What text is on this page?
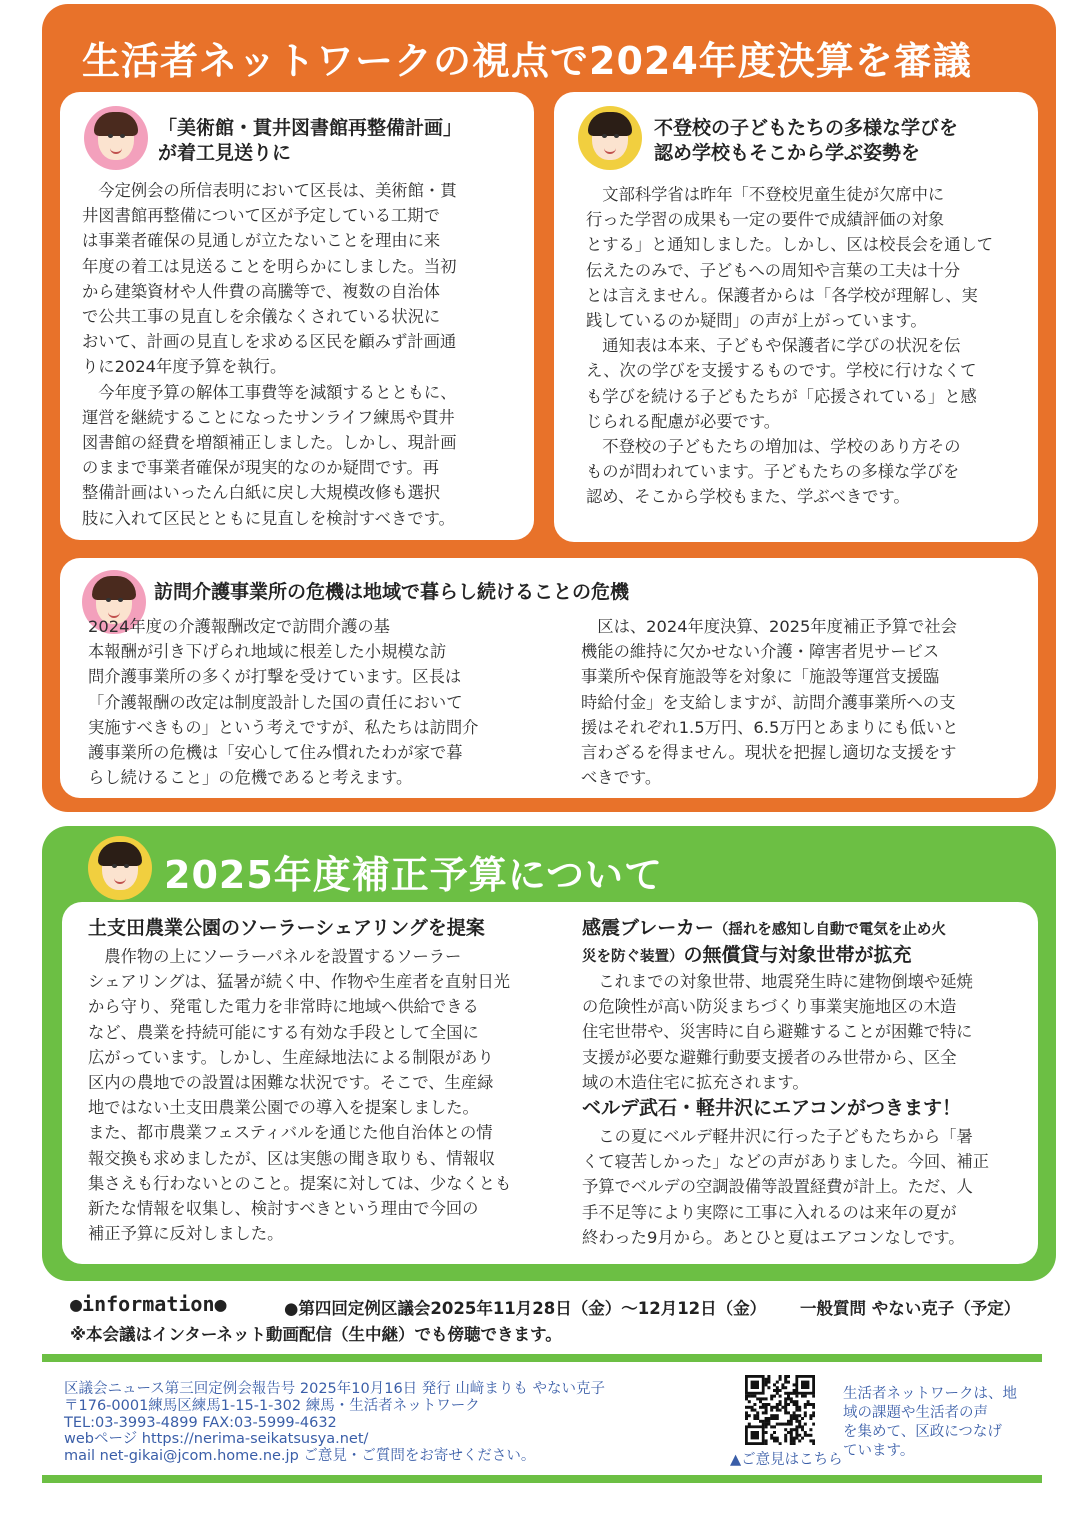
生活者ネットワークの視点で2024年度決算を審議
「美術館・貫井図書館再整備計画」
が着工見送りに
　今定例会の所信表明において区長は、美術館・貫
井図書館再整備について区が予定している工期で
は事業者確保の見通しが立たないことを理由に来
年度の着工は見送ることを明らかにしました。当初
から建築資材や人件費の高騰等で、複数の自治体
で公共工事の見直しを余儀なくされている状況に
おいて、計画の見直しを求める区民を顧みず計画通
りに2024年度予算を執行。
　今年度予算の解体工事費等を減額するとともに、
運営を継続することになったサンライフ練馬や貫井
図書館の経費を増額補正しました。しかし、現計画
のままで事業者確保が現実的なのか疑問です。再
整備計画はいったん白紙に戻し大規模改修も選択
肢に入れて区民とともに見直しを検討すべきです。
不登校の子どもたちの多様な学びを
認め学校もそこから学ぶ姿勢を
　文部科学省は昨年「不登校児童生徒が欠席中に
行った学習の成果も一定の要件で成績評価の対象
とする」と通知しました。しかし、区は校長会を通して
伝えたのみで、子どもへの周知や言葉の工夫は十分
とは言えません。保護者からは「各学校が理解し、実
践しているのか疑問」の声が上がっています。
　通知表は本来、子どもや保護者に学びの状況を伝
え、次の学びを支援するものです。学校に行けなくて
も学びを続ける子どもたちが「応援されている」と感
じられる配慮が必要です。
　不登校の子どもたちの増加は、学校のあり方その
ものが問われています。子どもたちの多様な学びを
認め、そこから学校もまた、学ぶべきです。
訪問介護事業所の危機は地域で暮らし続けることの危機
2024年度の介護報酬改定で訪問介護の基
本報酬が引き下げられ地域に根差した小規模な訪
問介護事業所の多くが打撃を受けています。区長は
「介護報酬の改定は制度設計した国の責任において
実施すべきもの」という考えですが、私たちは訪問介
護事業所の危機は「安心して住み慣れたわが家で暮
らし続けること」の危機であると考えます。
　区は、2024年度決算、2025年度補正予算で社会
機能の維持に欠かせない介護・障害者児サービス
事業所や保育施設等を対象に「施設等運営支援臨
時給付金」を支給しますが、訪問介護事業所への支
援はそれぞれ1.5万円、6.5万円とあまりにも低いと
言わざるを得ません。現状を把握し適切な支援をす
べきです。
2025年度補正予算について
土支田農業公園のソーラーシェアリングを提案
　農作物の上にソーラーパネルを設置するソーラー
シェアリングは、猛暑が続く中、作物や生産者を直射日光
から守り、発電した電力を非常時に地域へ供給できる
など、農業を持続可能にする有効な手段として全国に
広がっています。しかし、生産緑地法による制限があり
区内の農地での設置は困難な状況です。そこで、生産緑
地ではない土支田農業公園での導入を提案しました。
また、都市農業フェスティバルを通じた他自治体との情
報交換も求めましたが、区は実態の聞き取りも、情報収
集さえも行わないとのこと。提案に対しては、少なくとも
新たな情報を収集し、検討すべきという理由で今回の
補正予算に反対しました。
感震ブレーカー（揺れを感知し自動で電気を止め火
災を防ぐ装置）の無償貸与対象世帯が拡充
　これまでの対象世帯、地震発生時に建物倒壊や延焼
の危険性が高い防災まちづくり事業実施地区の木造
住宅世帯や、災害時に自ら避難することが困難で特に
支援が必要な避難行動要支援者のみ世帯から、区全
域の木造住宅に拡充されます。
ベルデ武石・軽井沢にエアコンがつきます！
　この夏にベルデ軽井沢に行った子どもたちから「暑
くて寝苦しかった」などの声がありました。今回、補正
予算でベルデの空調設備等設置経費が計上。ただ、人
手不足等により実際に工事に入れるのは来年の夏が
終わった9月から。あとひと夏はエアコンなしです。
●information●	●第四回定例区議会2025年11月28日（金）〜12月12日（金） 一般質問 やない克子（予定）
※本会議はインターネット動画配信（生中継）でも傍聴できます。
区議会ニュース第三回定例会報告号 2025年10月16日 発行 山﨑まりも やない克子
〒176-0001練馬区練馬1-15-1-302 練馬・生活者ネットワーク
TEL:03-3993-4899 FAX:03-5999-4632
webページ https://nerima-seikatsusya.net/
mail net-gikai@jcom.home.ne.jp ご意見・ご質問をお寄せください。	▲ご意見はこちら
生活者ネットワークは、地
域の課題や生活者の声
を集めて、区政につなげ
ています。
